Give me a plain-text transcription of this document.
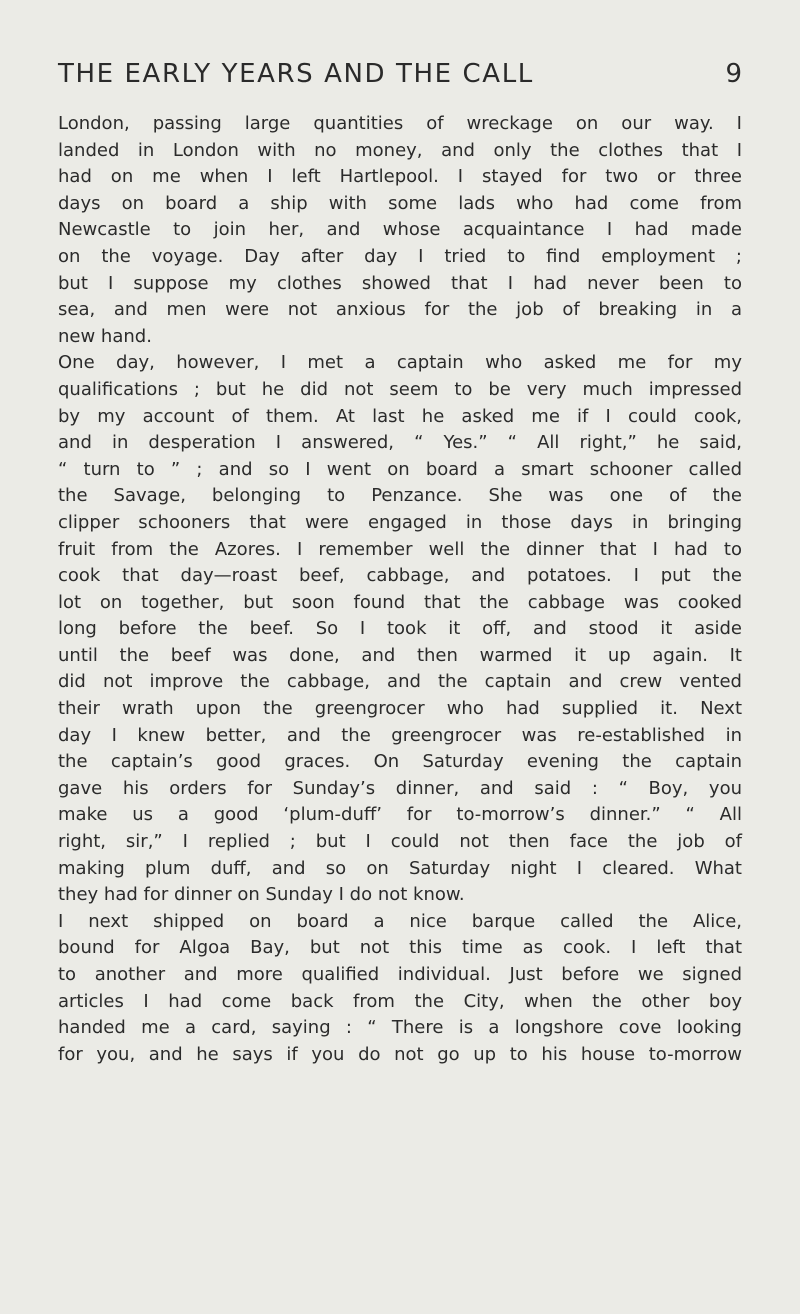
THE EARLY YEARS AND THE CALL	9
London, passing large quantities of wreckage on our way. I
landed in London with no money, and only the clothes that I
had on me when I left Hartlepool. I stayed for two or three
days on board a ship with some lads who had come from
Newcastle to join her, and whose acquaintance I had made
on the voyage. Day after day I tried to find employment ;
but I suppose my clothes showed that I had never been to
sea, and men were not anxious for the job of breaking in a
new hand.
One day, however, I met a captain who asked me for my
qualifications ; but he did not seem to be very much impressed
by my account of them. At last he asked me if I could cook,
and in desperation I answered, “ Yes.” “ All right,” he said,
“ turn to ” ; and so I went on board a smart schooner called
the Savage, belonging to Penzance. She was one of the
clipper schooners that were engaged in those days in bringing
fruit from the Azores. I remember well the dinner that I had to
cook that day—roast beef, cabbage, and potatoes. I put the
lot on together, but soon found that the cabbage was cooked
long before the beef. So I took it off, and stood it aside
until the beef was done, and then warmed it up again. It
did not improve the cabbage, and the captain and crew vented
their wrath upon the greengrocer who had supplied it. Next
day I knew better, and the greengrocer was re-established in
the captain’s good graces. On Saturday evening the captain
gave his orders for Sunday’s dinner, and said : “ Boy, you
make us a good ‘plum-duff’ for to-morrow’s dinner.” “ All
right, sir,” I replied ; but I could not then face the job of
making plum duff, and so on Saturday night I cleared. What
they had for dinner on Sunday I do not know.
I next shipped on board a nice barque called the Alice,
bound for Algoa Bay, but not this time as cook. I left that
to another and more qualified individual. Just before we signed
articles I had come back from the City, when the other boy
handed me a card, saying : “ There is a longshore cove looking
for you, and he says if you do not go up to his house to-morrow
